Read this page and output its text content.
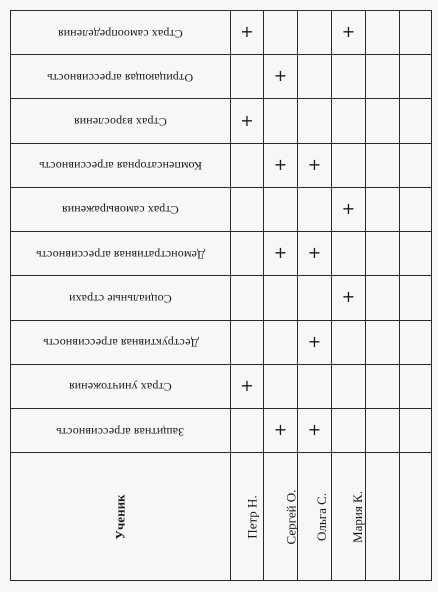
Страх самоопределения	+			+		
Отрицающая агрессивность		+				
Страх взросления	+					
Компенсаторная агрессивность		+	+			
Страх самовыражения				+		
Демонстративная агрессивность		+	+			
Социальные страхи				+		
Деструктивная агрессивность			+			
Страх уничтожения	+					
Защитная агрессивность		+	+			
Ученик	Петр Н.	Сергей О.	Ольга С.	Мария К.		
